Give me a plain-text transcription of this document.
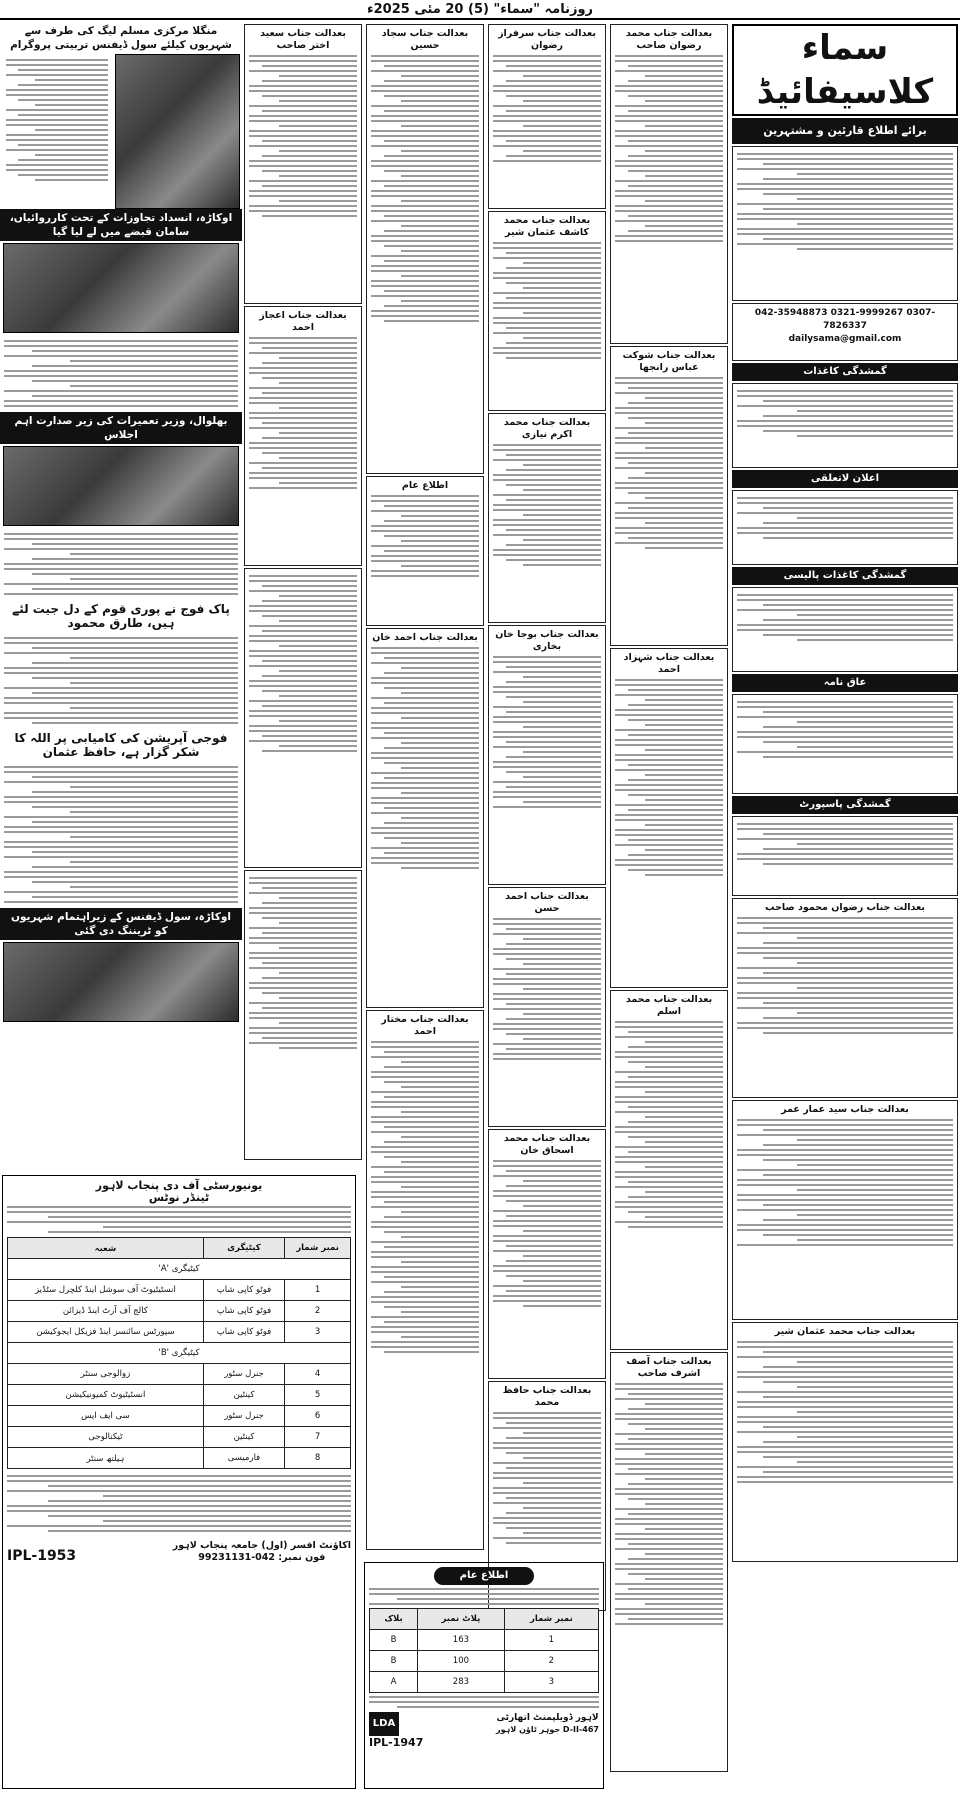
روزنامہ "سماء" (5) 20 مئی 2025ء
سماء کلاسیفائیڈ
برائے اطلاع قارئین و مشتہرین
042-35948873 0321-9999267 0307-7826337
dailysama@gmail.com
گمشدگی کاغذات
اعلان لاتعلقی
گمشدگی کاغذات پالیسی
عاق نامہ
گمشدگی پاسپورٹ
بعدالت جناب رضوان محمود صاحب
بعدالت جناب سید عمار عمر
بعدالت جناب محمد عثمان شیر
بعدالت جناب محمد رضوان صاحب
بعدالت جناب شوکت عباس رانجھا
بعدالت جناب شہزاد احمد
بعدالت جناب محمد اسلم
بعدالت جناب آصف اشرف صاحب
بعدالت جناب سرفراز رضوان
بعدالت جناب محمد کاشف عثمان شیر
بعدالت جناب محمد اکرم نیازی
بعدالت جناب بوجا خان بخاری
بعدالت جناب احمد حسن
بعدالت جناب محمد اسحاق خان
بعدالت جناب حافظ محمد
بعدالت جناب سجاد حسین
اطلاع عام
بعدالت جناب احمد خان
بعدالت جناب مختار احمد
بعدالت جناب سعید اختر صاحب
بعدالت جناب اعجاز احمد
منگلا مرکزی مسلم لیگ کی طرف سے شہریوں کیلئے سول ڈیفنس تربیتی پروگرام
اوکاڑہ، انسداد تجاوزات کے تحت کارروائیاں، سامان قبضے میں لے لیا گیا
بھلوال، وزیر تعمیرات کی زیر صدارت اہم اجلاس
پاک فوج نے پوری قوم کے دل جیت لئے ہیں، طارق محمود
فوجی آپریشن کی کامیابی پر اللہ کا شکر گزار ہے، حافظ عثمان
اوکاڑہ، سول ڈیفنس کے زیراہتمام شہریوں کو ٹریننگ دی گئی
یونیورسٹی آف دی پنجاب لاہور
ٹینڈر نوٹس
نمبر شمار	کیٹیگری	شعبہ
کیٹیگری 'A'		
1	فوٹو کاپی شاپ	انسٹیٹیوٹ آف سوشل اینڈ کلچرل سٹڈیز
2	فوٹو کاپی شاپ	کالج آف آرٹ اینڈ ڈیزائن
3	فوٹو کاپی شاپ	سپورٹس سائنسز اینڈ فزیکل ایجوکیشن
کیٹیگری 'B'		
4	جنرل سٹور	زوالوجی سنٹر
5	کینٹین	انسٹیٹیوٹ کمیونیکیشن
6	جنرل سٹور	سی ایف ایس
7	کینٹین	ٹیکنالوجی
8	فارمیسی	ہیلتھ سنٹر
اکاؤنٹ افسر (اول) جامعہ پنجاب لاہور
فون نمبر: 042-99231131
IPL-1953
اطلاع عام
نمبر شمار	پلاٹ نمبر	بلاک
1	163	B
2	100	B
3	283	A
لاہور ڈویلپمنٹ اتھارٹی
467-D-II جوہر ٹاؤن لاہور
LDA
IPL-1947
